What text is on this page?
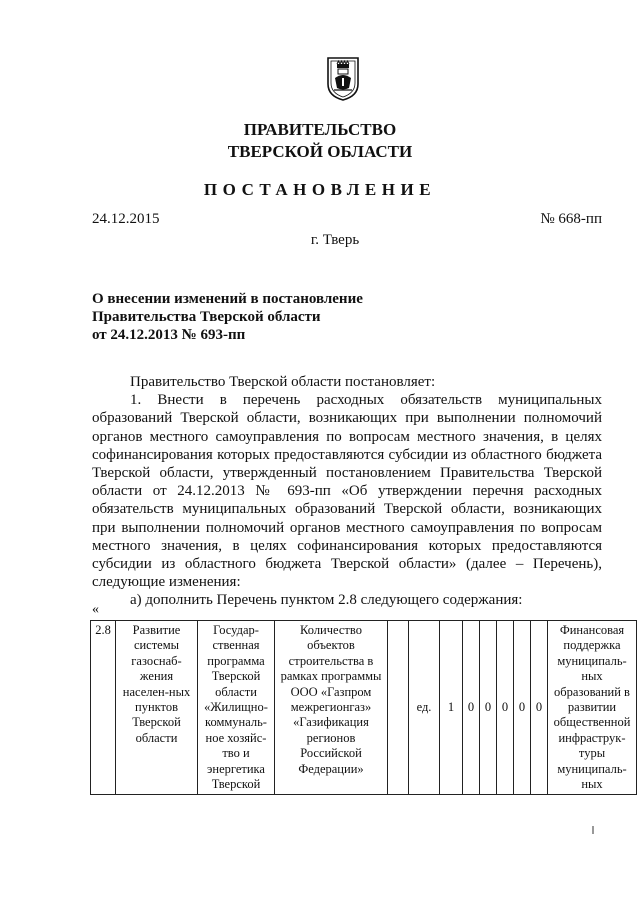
ПРАВИТЕЛЬСТВО
ТВЕРСКОЙ ОБЛАСТИ
ПОСТАНОВЛЕНИЕ
24.12.2015	№ 668-пп
г. Тверь
О внесении изменений в постановление
Правительства Тверской области
от 24.12.2013 № 693-пп

Правительство Тверской области постановляет:

1. Внести в перечень расходных обязательств муниципальных образований Тверской области, возникающих при выполнении полномочий органов местного самоуправления по вопросам местного значения, в целях софинансирования которых предоставляются субсидии из областного бюджета Тверской области, утвержденный постановлением Правительства Тверской области от 24.12.2013 № 693-пп «Об утверждении перечня расходных обязательств муниципальных образований Тверской области, возникающих при выполнении полномочий органов местного самоуправления по вопросам местного значения, в целях софинансирования которых предоставляются субсидии из областного бюджета Тверской области» (далее – Перечень), следующие изменения:

а) дополнить Перечень пунктом 2.8 следующего содержания:

«
2.8	Развитие системы газоснаб-жения населен-ных пунктов Тверской области	Государ-ственная программа Тверской области «Жилищно-коммуналь-ное хозяйс-тво и энергетика Тверской	Количество объектов строительства в рамках программы ООО «Газпром межрегионгаз» «Газификация регионов Российской Федерации»		ед.	1	0	0	0	0	0	Финансовая поддержка муниципаль-ных образований в развитии общественной инфраструк-туры муниципаль-ных
